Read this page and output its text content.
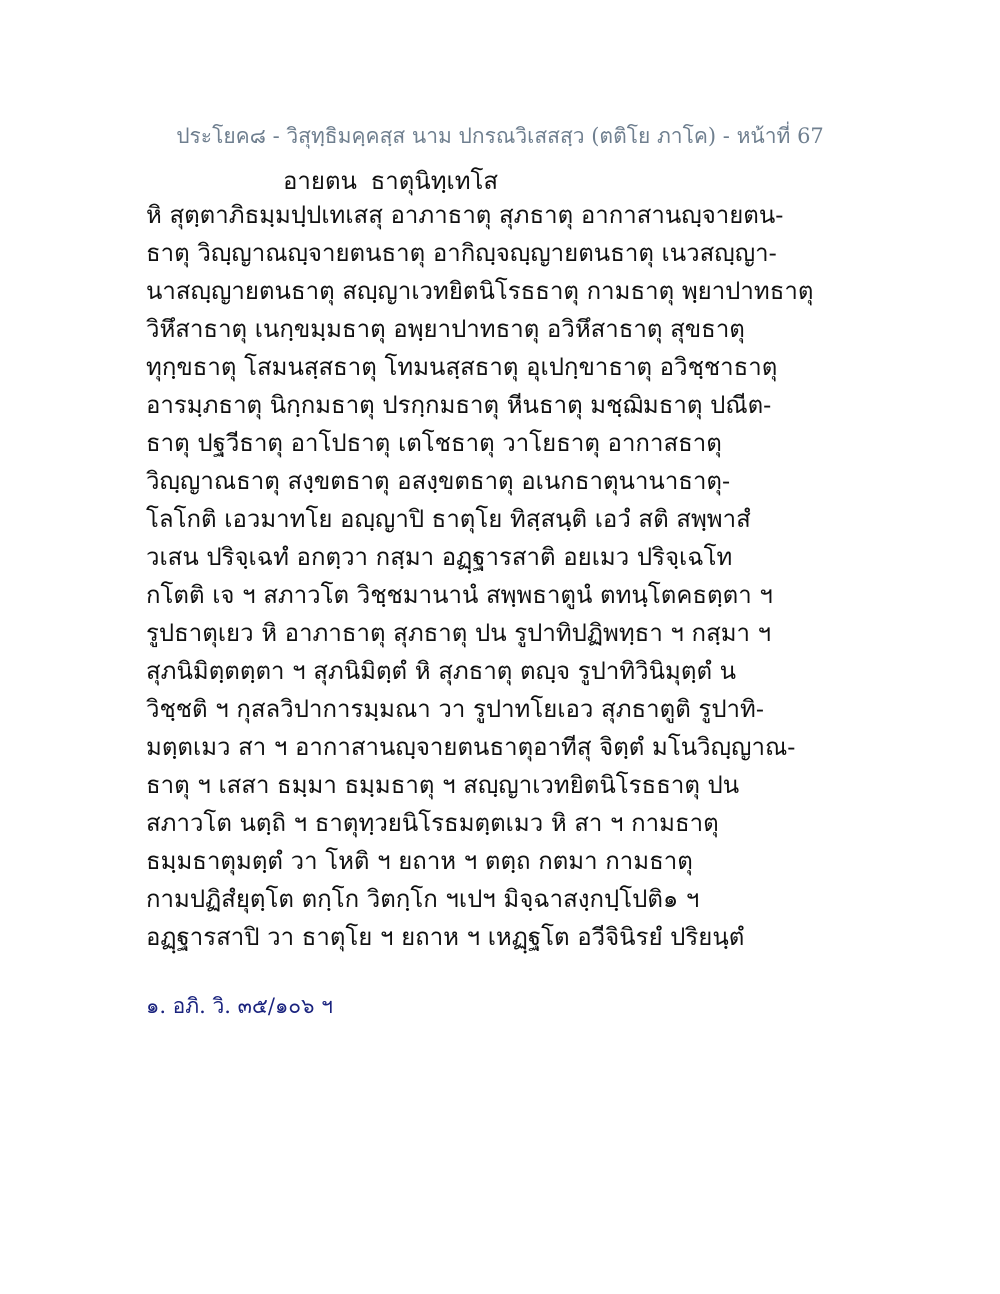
ประโยค๘ - วิสุทฺธิมคฺคสฺส นาม ปกรณวิเสสสฺว (ตติโย ภาโค) - หน้าที่ 67
อายตน ธาตุนิทฺเทโส
หิ สุตฺตาภิธมฺมปฺปเทเสสุ อาภาธาตุ สุภธาตุ อากาสานญฺจายตน-
ธาตุ วิญฺญาณญฺจายตนธาตุ อากิญฺจญฺญายตนธาตุ เนวสญฺญา-
นาสญฺญายตนธาตุ สญฺญาเวทยิตนิโรธธาตุ กามธาตุ พฺยาปาทธาตุ
วิหึสาธาตุ เนกฺขมฺมธาตุ อพฺยาปาทธาตุ อวิหึสาธาตุ สุขธาตุ
ทุกฺขธาตุ โสมนสฺสธาตุ โทมนสฺสธาตุ อุเปกฺขาธาตุ อวิชฺชาธาตุ
อารมฺภธาตุ นิกฺกมธาตุ ปรกฺกมธาตุ หีนธาตุ มชฺฌิมธาตุ ปณีต-
ธาตุ ปฐวีธาตุ อาโปธาตุ เตโชธาตุ วาโยธาตุ อากาสธาตุ
วิญฺญาณธาตุ สงฺขตธาตุ อสงฺขตธาตุ อเนกธาตุนานาธาตุ-
โลโกติ เอวมาทโย อญฺญาปิ ธาตุโย ทิสฺสนฺติ เอวํ สติ สพฺพาสํ
วเสน ปริจฺเฉทํ อกตฺวา กสฺมา อฏฺฐารสาติ อยเมว ปริจฺเฉโท
กโตติ เจ ฯ สภาวโต วิชฺชมานานํ สพฺพธาตูนํ ตทนฺโตคธตฺตา ฯ
รูปธาตุเยว หิ อาภาธาตุ สุภธาตุ ปน รูปาทิปฏิพทฺธา ฯ กสฺมา ฯ
สุภนิมิตฺตตฺตา ฯ สุภนิมิตฺตํ หิ สุภธาตุ ตญฺจ รูปาทิวินิมุตฺตํ น
วิชฺชติ ฯ กุสลวิปาการมฺมณา วา รูปาทโยเอว สุภธาตูติ รูปาทิ-
มตฺตเมว สา ฯ อากาสานญฺจายตนธาตุอาทีสุ จิตฺตํ มโนวิญฺญาณ-
ธาตุ ฯ เสสา ธมฺมา ธมฺมธาตุ ฯ สญฺญาเวทยิตนิโรธธาตุ ปน
สภาวโต นตฺถิ ฯ ธาตุทฺวยนิโรธมตฺตเมว หิ สา ฯ กามธาตุ
ธมฺมธาตุมตฺตํ วา โหติ ฯ ยถาห ฯ ตตฺถ กตมา กามธาตุ
กามปฏิสํยุตฺโต ตกฺโก วิตกฺโก ฯเปฯ มิจฺฉาสงฺกปฺโปติ๑ ฯ
อฏฺฐารสาปิ วา ธาตุโย ฯ ยถาห ฯ เหฏฺฐโต อวีจินิรยํ ปริยนฺตํ
๑. อภิ. วิ. ๓๕/๑๐๖ ฯ
